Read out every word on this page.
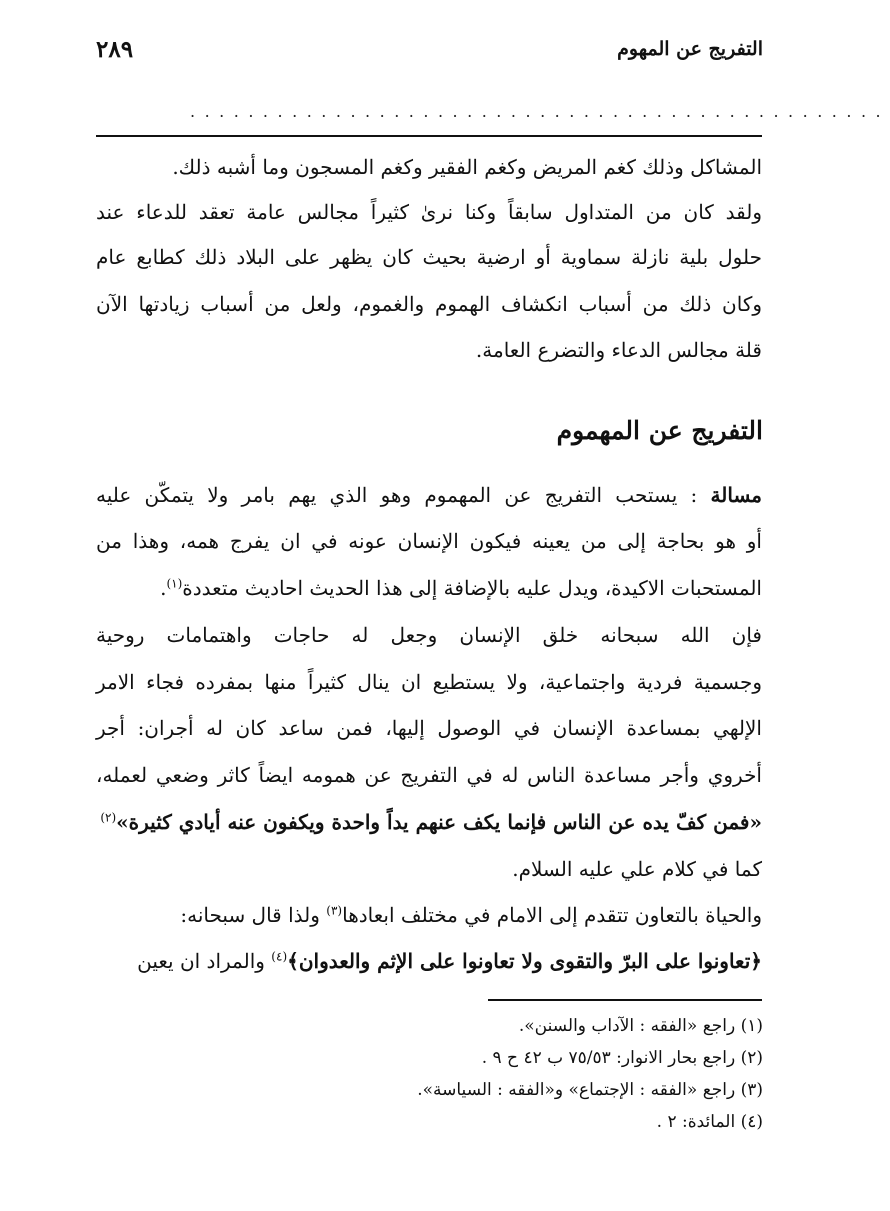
٢٨٩	التفريج عن المهوم
................................................
المشاكل وذلك كغم المريض وكغم الفقير وكغم المسجون وما أشبه ذلك.
ولقد كان من المتداول سابقاً وكنا نرىٰ كثيراً مجالس عامة تعقد للدعاء عند
حلول بلية نازلة سماوية أو ارضية بحيث كان يظهر على البلاد ذلك كطابع عام
وكان ذلك من أسباب انكشاف الهموم والغموم، ولعل من أسباب زيادتها الآن
قلة مجالس الدعاء والتضرع العامة.
التفريج عن المهموم
مسالة : يستحب التفريج عن المهموم وهو الذي يهم بامر ولا يتمكّن عليه
أو هو بحاجة إلى من يعينه فيكون الإنسان عونه في ان يفرج همه، وهذا من
المستحبات الاكيدة، ويدل عليه بالإضافة إلى هذا الحديث احاديث متعددة$^{(١)}$.
فإن الله سبحانه خلق الإنسان وجعل له حاجات واهتمامات روحية
وجسمية فردية واجتماعية، ولا يستطيع ان ينال كثيراً منها بمفرده فجاء الامر
الإلهي بمساعدة الإنسان في الوصول إليها، فمن ساعد كان له أجران: أجر
أخروي وأجر مساعدة الناس له في التفريج عن همومه ايضاً كاثر وضعي لعمله،
«فمن كفّ يده عن الناس فإنما يكف عنهم يداً واحدة ويكفون عنه أيادي كثيرة»$^{(٢)}$
كما في كلام علي عليه السلام.
والحياة بالتعاون تتقدم إلى الامام في مختلف ابعادها$^{(٣)}$ ولذا قال سبحانه:
﴿تعاونوا على البرّ والتقوى ولا تعاونوا على الإثم والعدوان﴾$^{(٤)}$ والمراد ان يعين
(١) راجع «الفقه : الآداب والسنن».
(٢) راجع بحار الانوار: ٧٥/٥٣ ب ٤٢ ح ٩ .
(٣) راجع «الفقه : الإجتماع» و«الفقه : السياسة».
(٤) المائدة: ٢ .
